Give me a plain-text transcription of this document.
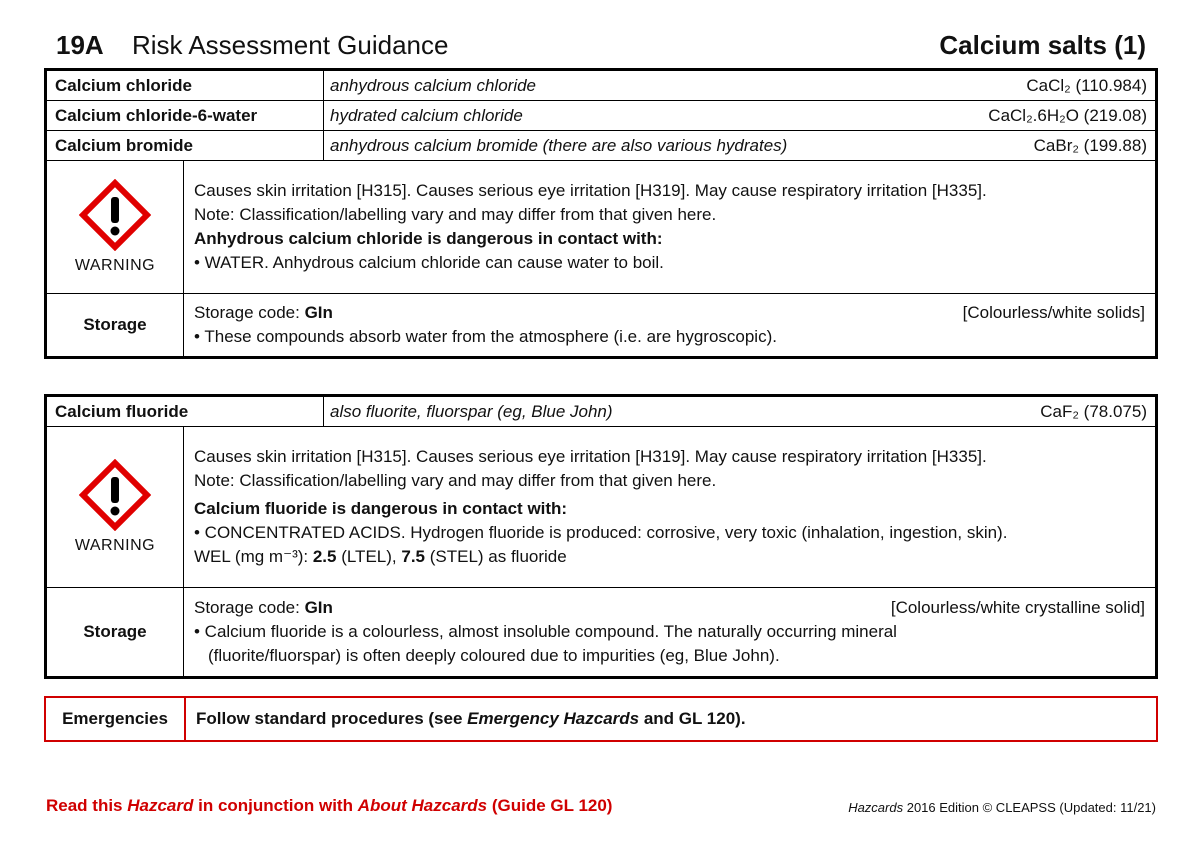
19A Risk Assessment Guidance	Calcium salts (1)
Calcium chloride		anhydrous calcium chloride CaCl₂ (110.984)

Calcium chloride-6-water		hydrated calcium chloride CaCl₂.6H₂O (219.08)

Calcium bromide		anhydrous calcium bromide (there are also various hydrates) CaBr₂ (199.88)

WARNING	Causes skin irritation [H315]. Causes serious eye irritation [H319]. May cause respiratory irritation [H335].
Note: Classification/labelling vary and may differ from that given here.
Anhydrous calcium chloride is dangerous in contact with:
• WATER. Anhydrous calcium chloride can cause water to boil.	

Storage	Storage code: GIn [Colourless/white solids]
• These compounds absorb water from the atmosphere (i.e. are hygroscopic).	
Calcium fluoride		also fluorite, fluorspar (eg, Blue John) CaF₂ (78.075)

WARNING	Causes skin irritation [H315]. Causes serious eye irritation [H319]. May cause respiratory irritation [H335].
Note: Classification/labelling vary and may differ from that given here.
Calcium fluoride is dangerous in contact with:
• CONCENTRATED ACIDS. Hydrogen fluoride is produced: corrosive, very toxic (inhalation, ingestion, skin).
WEL (mg m⁻³): 2.5 (LTEL), 7.5 (STEL) as fluoride	

Storage	Storage code: GIn [Colourless/white crystalline solid]
• Calcium fluoride is a colourless, almost insoluble compound. The naturally occurring mineral
(fluorite/fluorspar) is often deeply coloured due to impurities (eg, Blue John).	
Emergencies	Follow standard procedures (see Emergency Hazcards and GL 120).
Read this Hazcard in conjunction with About Hazcards (Guide GL 120)	Hazcards 2016 Edition © CLEAPSS (Updated: 11/21)
